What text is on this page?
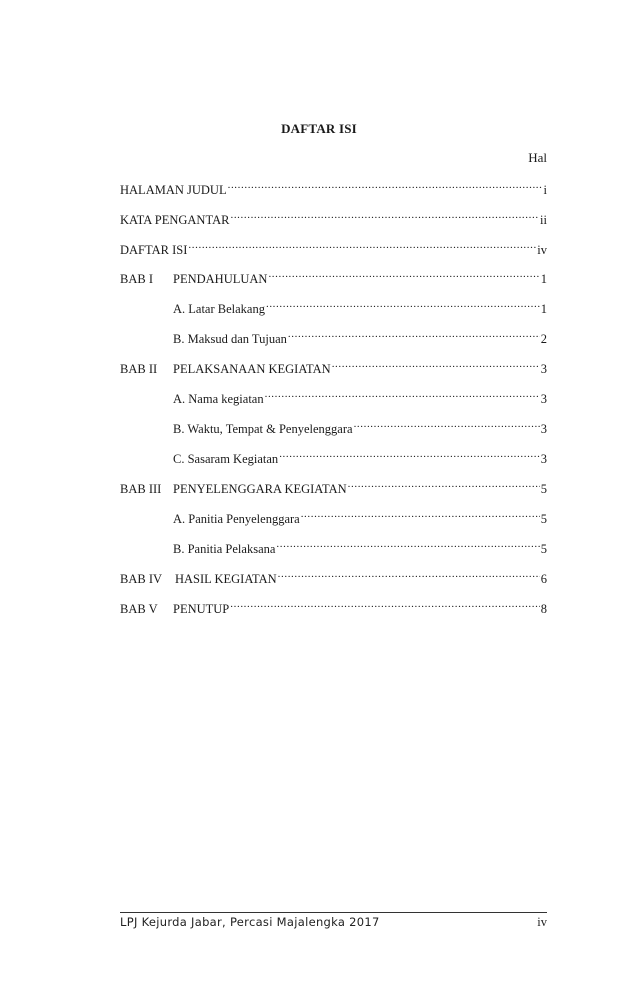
DAFTAR ISI
Hal
HALAMAN JUDUL .....	i
KATA PENGANTAR .....	ii
DAFTAR ISI .....	iv
BAB I	PENDAHULUAN .....	1
A. Latar Belakang .....	1
B. Maksud dan Tujuan .....	2
BAB II	PELAKSANAAN KEGIATAN .....	3
A. Nama kegiatan .....	3
B. Waktu, Tempat & Penyelenggara .....	3
C. Sasaram Kegiatan .....	3
BAB III PENYELENGGARA KEGIATAN .....	5
A. Panitia Penyelenggara .....	5
B. Panitia Pelaksana .....	5
BAB IV	HASIL KEGIATAN .....	6
BAB V	PENUTUP .....	8
LPJ Kejurda Jabar, Percasi Majalengka 2017	iv
